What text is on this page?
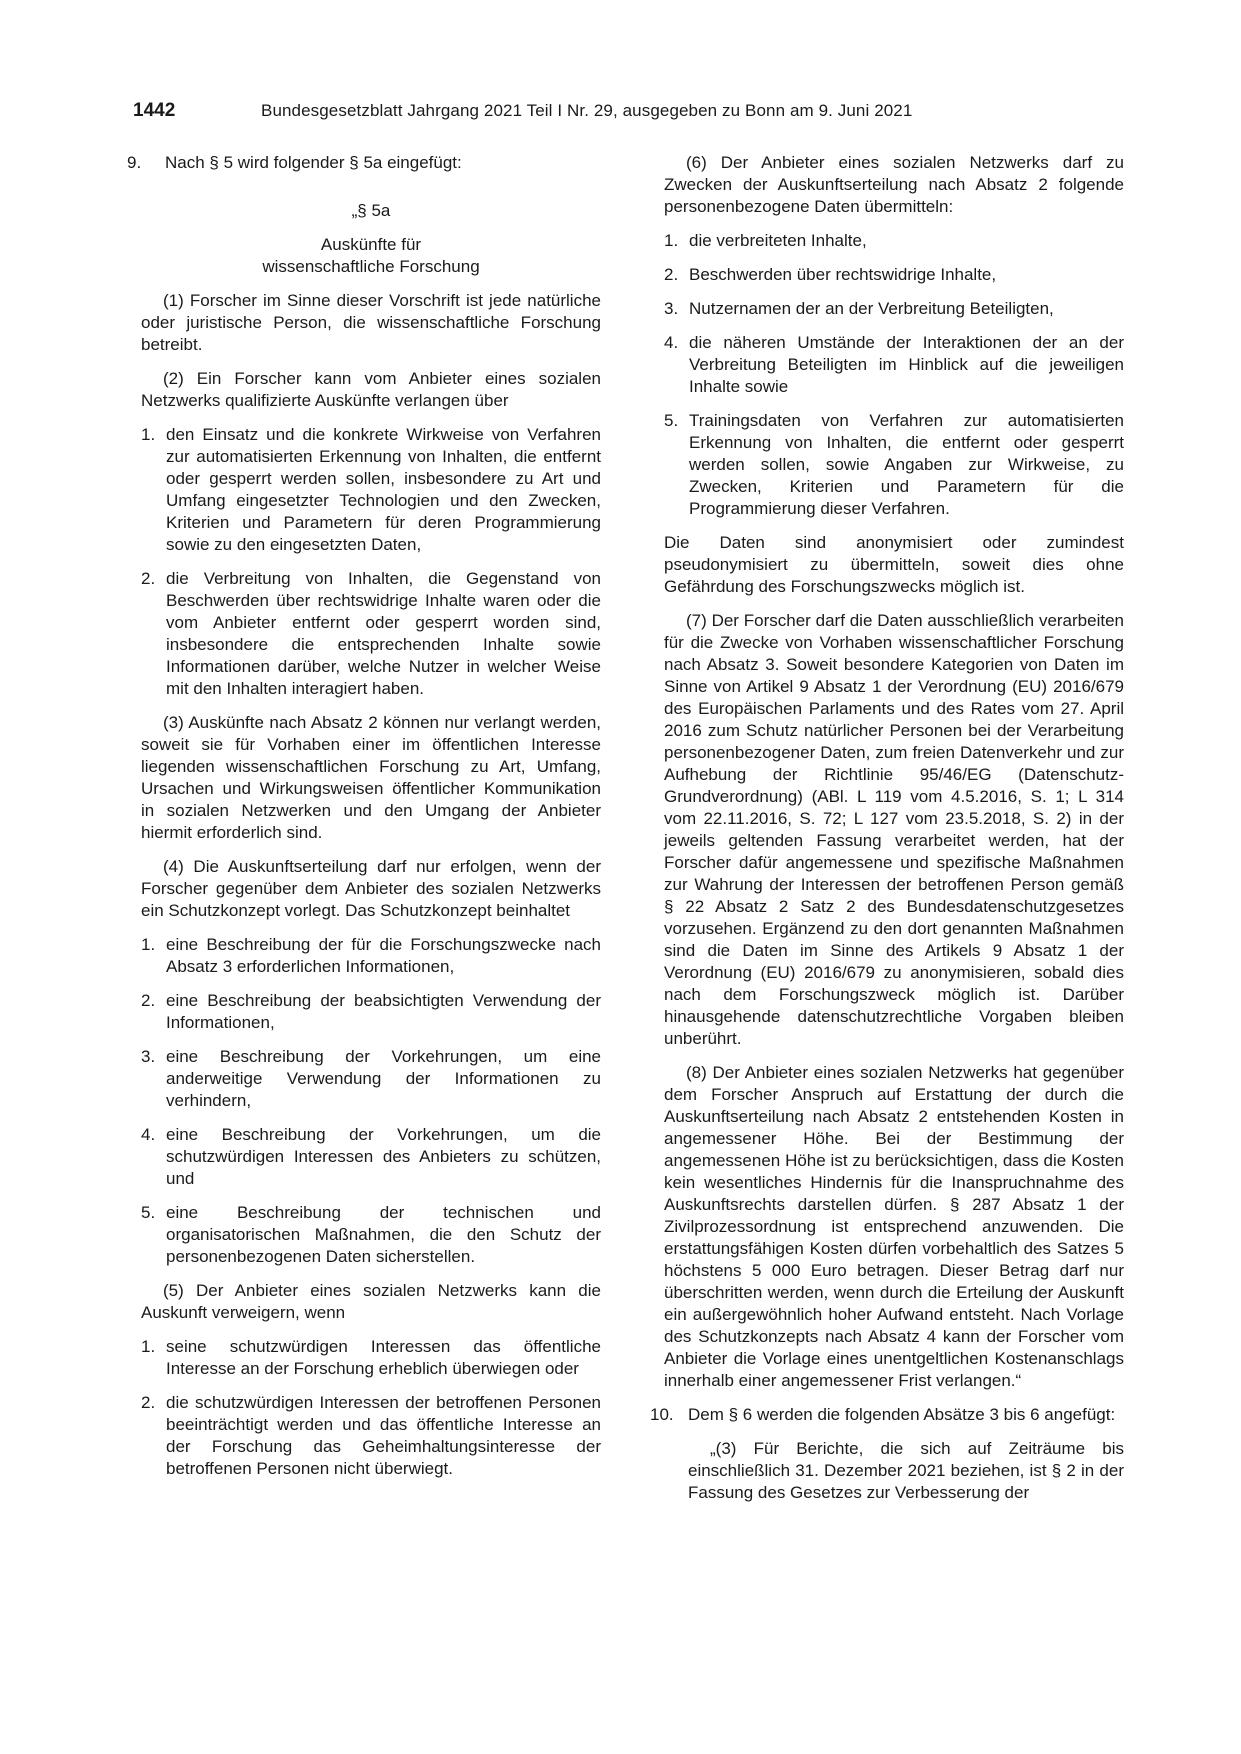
1442	Bundesgesetzblatt Jahrgang 2021 Teil I Nr. 29, ausgegeben zu Bonn am 9. Juni 2021
9.	Nach § 5 wird folgender § 5a eingefügt:

„§ 5a

Auskünfte für
wissenschaftliche Forschung

(1) Forscher im Sinne dieser Vorschrift ist jede natürliche oder juristische Person, die wissenschaftliche Forschung betreibt.

(2) Ein Forscher kann vom Anbieter eines sozialen Netzwerks qualifizierte Auskünfte verlangen über

1. den Einsatz und die konkrete Wirkweise von Verfahren zur automatisierten Erkennung von Inhalten, die entfernt oder gesperrt werden sollen, insbesondere zu Art und Umfang eingesetzter Technologien und den Zwecken, Kriterien und Parametern für deren Programmierung sowie zu den eingesetzten Daten,
2. die Verbreitung von Inhalten, die Gegenstand von Beschwerden über rechtswidrige Inhalte waren oder die vom Anbieter entfernt oder gesperrt worden sind, insbesondere die entsprechenden Inhalte sowie Informationen darüber, welche Nutzer in welcher Weise mit den Inhalten interagiert haben.

(3) Auskünfte nach Absatz 2 können nur verlangt werden, soweit sie für Vorhaben einer im öffentlichen Interesse liegenden wissenschaftlichen Forschung zu Art, Umfang, Ursachen und Wirkungsweisen öffentlicher Kommunikation in sozialen Netzwerken und den Umgang der Anbieter hiermit erforderlich sind.

(4) Die Auskunftserteilung darf nur erfolgen, wenn der Forscher gegenüber dem Anbieter des sozialen Netzwerks ein Schutzkonzept vorlegt. Das Schutzkonzept beinhaltet

1. eine Beschreibung der für die Forschungszwecke nach Absatz 3 erforderlichen Informationen,
2. eine Beschreibung der beabsichtigten Verwendung der Informationen,
3. eine Beschreibung der Vorkehrungen, um eine anderweitige Verwendung der Informationen zu verhindern,
4. eine Beschreibung der Vorkehrungen, um die schutzwürdigen Interessen des Anbieters zu schützen, und
5. eine Beschreibung der technischen und organisatorischen Maßnahmen, die den Schutz der personenbezogenen Daten sicherstellen.

(5) Der Anbieter eines sozialen Netzwerks kann die Auskunft verweigern, wenn

1. seine schutzwürdigen Interessen das öffentliche Interesse an der Forschung erheblich überwiegen oder
2. die schutzwürdigen Interessen der betroffenen Personen beeinträchtigt werden und das öffentliche Interesse an der Forschung das Geheimhaltungsinteresse der betroffenen Personen nicht überwiegt.

(6) Der Anbieter eines sozialen Netzwerks darf zu Zwecken der Auskunftserteilung nach Absatz 2 folgende personenbezogene Daten übermitteln:

1. die verbreiteten Inhalte,
2. Beschwerden über rechtswidrige Inhalte,
3. Nutzernamen der an der Verbreitung Beteiligten,
4. die näheren Umstände der Interaktionen der an der Verbreitung Beteiligten im Hinblick auf die jeweiligen Inhalte sowie
5. Trainingsdaten von Verfahren zur automatisierten Erkennung von Inhalten, die entfernt oder gesperrt werden sollen, sowie Angaben zur Wirkweise, zu Zwecken, Kriterien und Parametern für die Programmierung dieser Verfahren.

Die Daten sind anonymisiert oder zumindest pseudonymisiert zu übermitteln, soweit dies ohne Gefährdung des Forschungszwecks möglich ist.

(7) Der Forscher darf die Daten ausschließlich verarbeiten für die Zwecke von Vorhaben wissenschaftlicher Forschung nach Absatz 3. Soweit besondere Kategorien von Daten im Sinne von Artikel 9 Absatz 1 der Verordnung (EU) 2016/679 des Europäischen Parlaments und des Rates vom 27. April 2016 zum Schutz natürlicher Personen bei der Verarbeitung personenbezogener Daten, zum freien Datenverkehr und zur Aufhebung der Richtlinie 95/46/EG (Datenschutz-Grundverordnung) (ABl. L 119 vom 4.5.2016, S. 1; L 314 vom 22.11.2016, S. 72; L 127 vom 23.5.2018, S. 2) in der jeweils geltenden Fassung verarbeitet werden, hat der Forscher dafür angemessene und spezifische Maßnahmen zur Wahrung der Interessen der betroffenen Person gemäß § 22 Absatz 2 Satz 2 des Bundesdatenschutzgesetzes vorzusehen. Ergänzend zu den dort genannten Maßnahmen sind die Daten im Sinne des Artikels 9 Absatz 1 der Verordnung (EU) 2016/679 zu anonymisieren, sobald dies nach dem Forschungszweck möglich ist. Darüber hinausgehende datenschutzrechtliche Vorgaben bleiben unberührt.

(8) Der Anbieter eines sozialen Netzwerks hat gegenüber dem Forscher Anspruch auf Erstattung der durch die Auskunftserteilung nach Absatz 2 entstehenden Kosten in angemessener Höhe. Bei der Bestimmung der angemessenen Höhe ist zu berücksichtigen, dass die Kosten kein wesentliches Hindernis für die Inanspruchnahme des Auskunftsrechts darstellen dürfen. § 287 Absatz 1 der Zivilprozessordnung ist entsprechend anzuwenden. Die erstattungsfähigen Kosten dürfen vorbehaltlich des Satzes 5 höchstens 5 000 Euro betragen. Dieser Betrag darf nur überschritten werden, wenn durch die Erteilung der Auskunft ein außergewöhnlich hoher Aufwand entsteht. Nach Vorlage des Schutzkonzepts nach Absatz 4 kann der Forscher vom Anbieter die Vorlage eines unentgeltlichen Kostenanschlags innerhalb einer angemessener Frist verlangen.“

10. Dem § 6 werden die folgenden Absätze 3 bis 6 angefügt:

„(3) Für Berichte, die sich auf Zeiträume bis einschließlich 31. Dezember 2021 beziehen, ist § 2 in der Fassung des Gesetzes zur Verbesserung der
